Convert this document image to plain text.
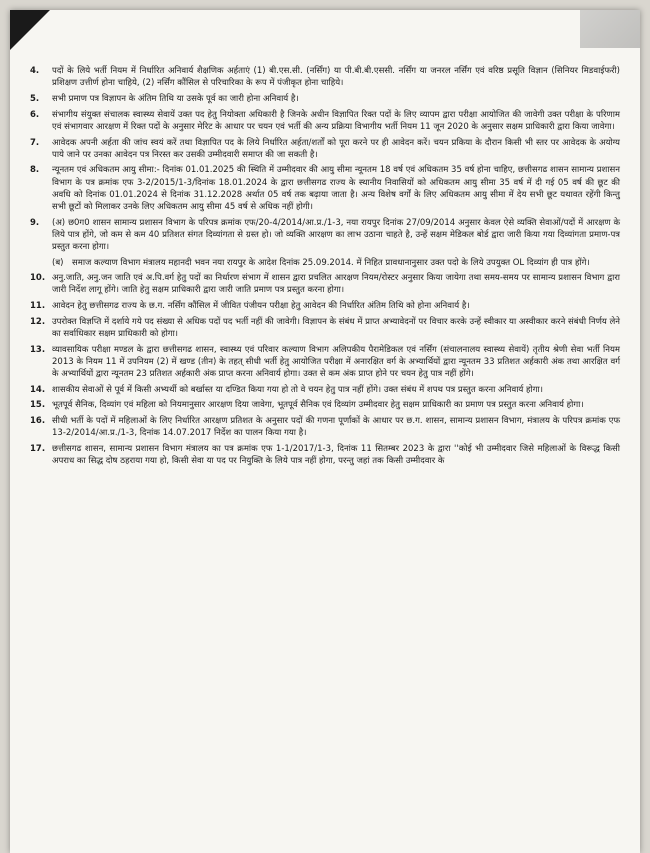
4.	पदों के लिये भर्ती नियम में निर्धारित अनिवार्य शैक्षणिक अर्हताएं (1) बी.एस.सी. (नर्सिंग) या पी.बी.बी.एससी. नर्सिंग या जनरल नर्सिंग एवं वरिष्ठ प्रसूति विज्ञान (सिनियर मिडवाईफरी) प्रशिक्षण उत्तीर्ण होना चाहिये, (2) नर्सिंग कौंसिल से परिचारिका के रूप में पंजीकृत होना चाहिये।
5.	सभी प्रमाण पत्र विज्ञापन के अंतिम तिथि या उसके पूर्व का जारी होना अनिवार्य है।
6.	संभागीय संयुक्त संचालक स्वास्थ्य सेवायें उक्त पद हेतु नियोक्ता अधिकारी है जिनके अधीन विज्ञापित रिक्त पदों के लिए व्यापम द्वारा परीक्षा आयोजित की जावेगी उक्त परीक्षा के परिणाम एवं संभागवार आरक्षण में रिक्त पदों के अनुसार मेरिट के आधार पर चयन एवं भर्ती की अन्य प्रक्रिया विभागीय भर्ती नियम 11 जून 2020 के अनुसार सक्षम प्राधिकारी द्वारा किया जावेगा।
7.	आवेदक अपनी अर्हता की जांच स्वयं करें तथा विज्ञापित पद के लिये निर्धारित अर्हता/शर्तों को पूरा करने पर ही आवेदन करें। चयन प्रकिया के दौरान किसी भी स्तर पर आवेदक के अयोग्य पाये जाने पर उनका आवेदन पत्र निरस्त कर उसकी उम्मीदवारी समाप्त की जा सकती है।
8.	न्यूनतम एवं अधिकतम आयु सीमा:- दिनांक 01.01.2025 की स्थिति में उम्मीदवार की आयु सीमा न्यूनतम 18 वर्ष एवं अधिकतम 35 वर्ष होना चाहिए, छत्तीसगढ शासन सामान्य प्रशासन विभाग के पत्र क्रमांक एफ 3-2/2015/1-3/दिनांक 18.01.2024 के द्वारा छत्तीसगढ राज्य के स्थानीय निवासियों को अधिकतम आयु सीमा 35 वर्ष में दी गई 05 वर्ष की छूट की अवधि को दिनांक 01.01.2024 से दिनांक 31.12.2028 अर्थात 05 वर्ष तक बढ़ाया जाता है। अन्य विशेष वर्गों के लिए अधिकतम आयु सीमा में देय सभी छूट यथावत रहेंगी किन्तु सभी छूटों को मिलाकर उनके लिए अधिकतम आयु सीमा 45 वर्ष से अधिक नहीं होगी।
9.	(अ) छ0ग0 शासन सामान्य प्रशासन विभाग के परिपत्र क्रमांक एफ/20-4/2014/आ.प्र./1-3, नया रायपुर दिनांक 27/09/2014 अनुसार केवल ऐसे व्यक्ति सेवाओं/पदों में आरक्षण के लिये पात्र होंगे, जो कम से कम 40 प्रतिशत संगत दिव्यांगता से ग्रस्त हो। जो व्यक्ति आरक्षण का लाभ उठाना चाहते है, उन्हें सक्षम मेडिकल बोर्ड द्वारा जारी किया गया दिव्यांगता प्रमाण-पत्र प्रस्तुत करना होगा।
(ब)	समाज कल्याण विभाग मंत्रालय महानदी भवन नया रायपुर के आदेश दिनांक 25.09.2014. में निहित प्रावधानानुसार उक्त पदो के लिये उपयुक्त OL दिव्यांग ही पात्र होंगे।
10. अनु.जाति, अनु.जन जाति एवं अ.पि.वर्ग हेतु पदों का निर्धारण संभाग में शासन द्वारा प्रचलित आरक्षण नियम/रोस्टर अनुसार किया जायेगा तथा समय-समय पर सामान्य प्रशासन विभाग द्वारा जारी निर्देश लागू होंगे। जाति हेतु सक्षम प्राधिकारी द्वारा जारी जाति प्रमाण पत्र प्रस्तुत करना होगा।
11. आवेदन हेतु छत्तीसगढ राज्य के छ.ग. नर्सिंग कौंसिल में जीवित पंजीयन परीक्षा हेतु आवेदन की निर्धारित अंतिम तिथि को होना अनिवार्य है।
12. उपरोक्त विज्ञप्ति में दर्शाये गये पद संख्या से अधिक पदों पद भर्ती नहीं की जावेगी। विज्ञापन के संबंध में प्राप्त अभ्यावेदनों पर विचार करके उन्हें स्वीकार या अस्वीकार करने संबंधी निर्णय लेने का सर्वाधिकार सक्षम प्राधिकारी को होगा।
13. व्यावसायिक परीक्षा मण्डल के द्वारा छत्तीसगढ शासन, स्वास्थ्य एवं परिवार कल्याण विभाग अलिपकीय पैरामेडिकल एवं नर्सिंग (संचालनालय स्वास्थ्य सेवायें) तृतीय श्रेणी सेवा भर्ती नियम 2013 के नियम 11 में उपनियम (2) में खण्ड (तीन) के तहत् सीधी भर्ती हेतु आयोजित परीक्षा में अनारक्षित वर्ग के अभ्यार्थियों द्वारा न्यूनतम 33 प्रतिशत अर्हकारी अंक तथा आरक्षित वर्ग के अभ्यार्थियों द्वारा न्यूनतम 23 प्रतिशत अर्हकारी अंक प्राप्त करना अनिवार्य होगा। उक्त से कम अंक प्राप्त होने पर चयन हेतु पात्र नहीं होंगे।
14. शासकीय सेवाओं से पूर्व में किसी अभ्यर्थी को बर्खास्त या दण्डित किया गया हो तो वे चयन हेतु पात्र नहीं होंगे। उक्त संबंध में शपथ पत्र प्रस्तुत करना अनिवार्य होगा।
15. भूतपूर्व सैनिक, दिव्यांग एवं महिला को नियमानुसार आरक्षण दिया जावेगा, भूतपूर्व सैनिक एवं दिव्यांग उम्मीदवार हेतु सक्षम प्राधिकारी का प्रमाण पत्र प्रस्तुत करना अनिवार्य होगा।
16. सीधी भर्ती के पदों में महिलाओं के लिए निर्धारित आरक्षण प्रतिशत के अनुसार पदों की गणना पूर्णांकों के आधार पर छ.ग. शासन, सामान्य प्रशासन विभाग, मंत्रालय के परिपत्र क्रमांक एफ 13-2/2014/आ.प्र./1-3, दिनांक 14.07.2017 निर्देश का पालन किया गया है।
17. छत्तीसगढ शासन, सामान्य प्रशासन विभाग मंत्रालय का पत्र क्रमांक एफ 1-1/2017/1-3, दिनांक 11 सितम्बर 2023 के द्वारा ''कोई भी उम्मीदवार जिसे महिलाओं के विरूद्ध किसी अपराध का सिद्ध दोष ठहराया गया हो, किसी सेवा या पद पर नियुक्ति के लिये पात्र नहीं होगा, परन्तु जहां तक किसी उम्मीदवार के
